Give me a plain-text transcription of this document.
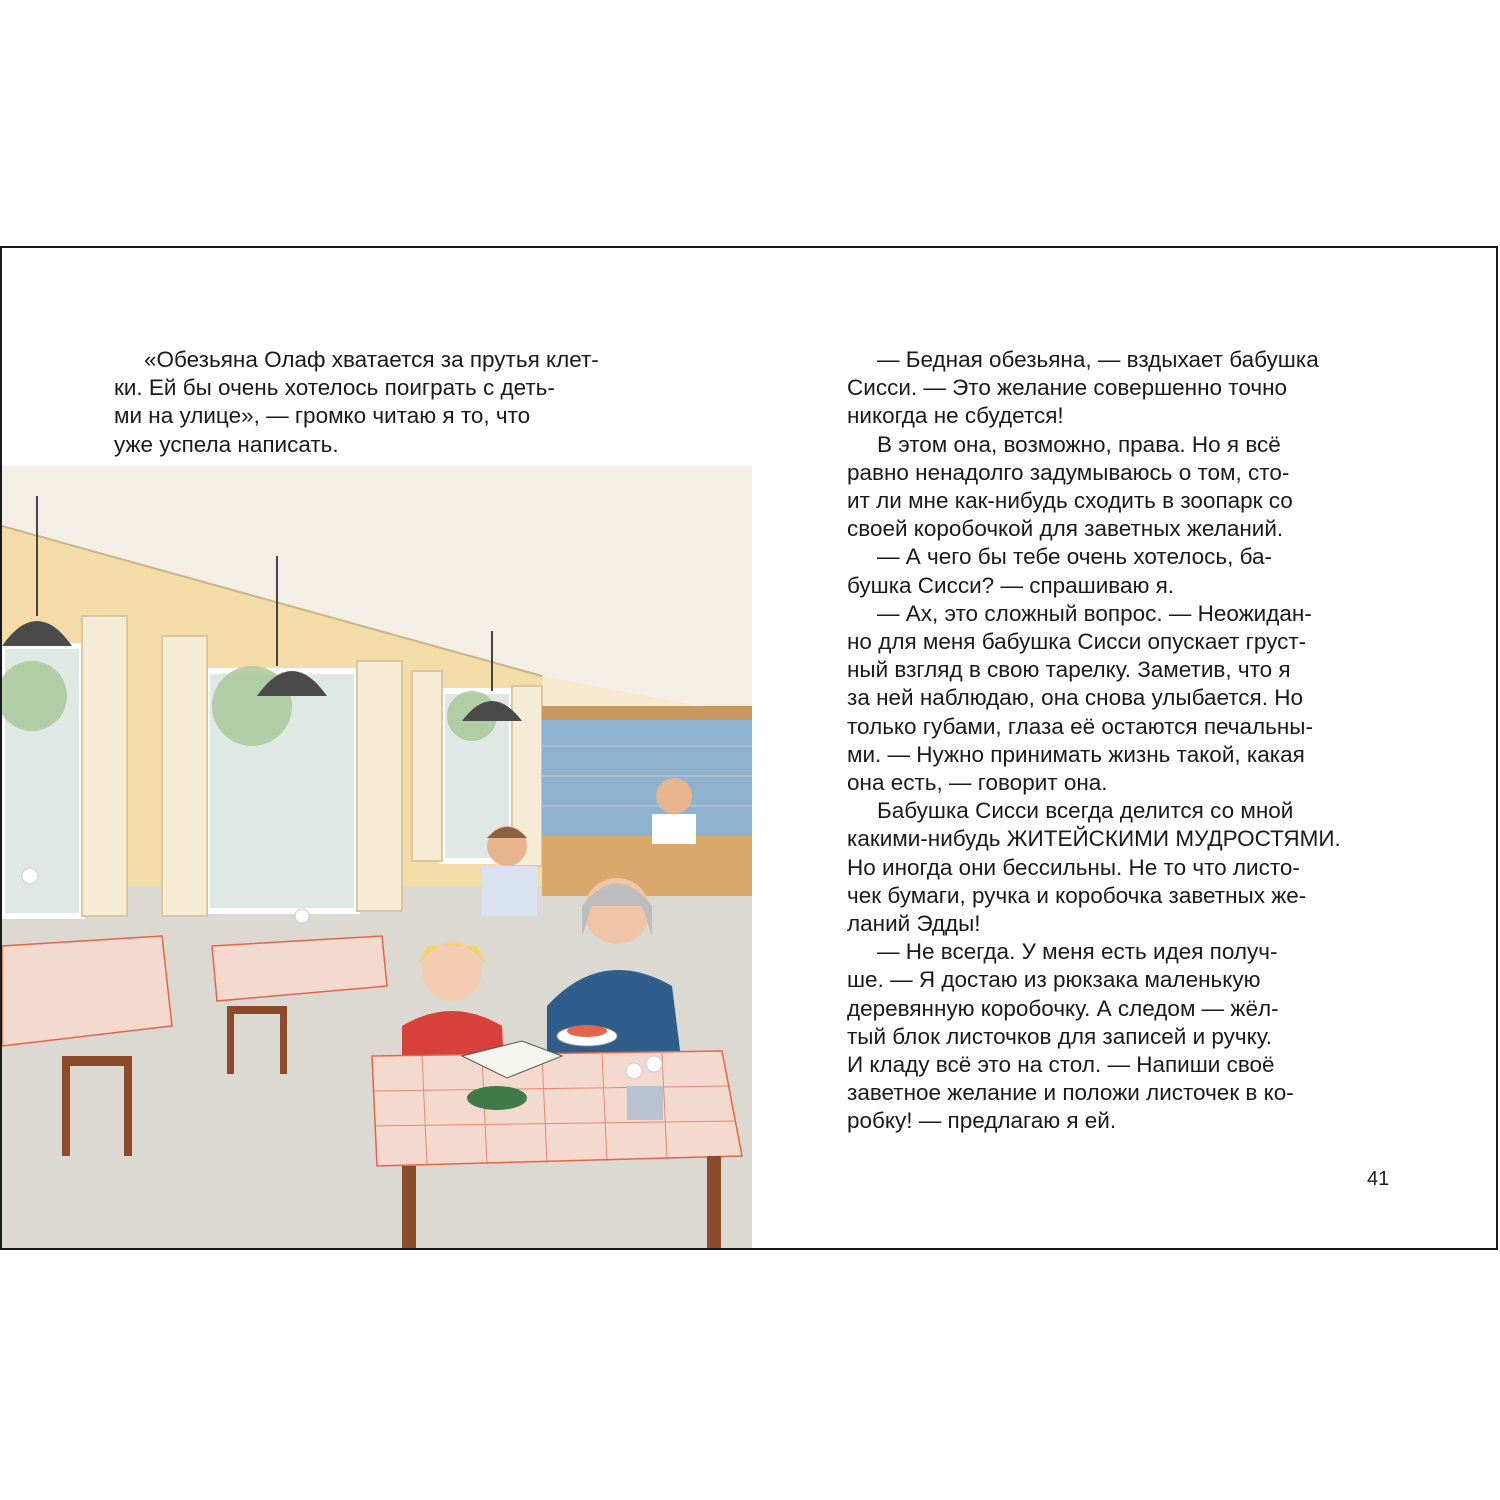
«Обезьяна Олаф хватается за прутья клет-
ки. Ей бы очень хотелось поиграть с деть-
ми на улице», — громко читаю я то, что
уже успела написать.

— Бедная обезьяна, — вздыхает бабушка
Сисси. — Это желание совершенно точно
никогда не сбудется!

В этом она, возможно, права. Но я всё
равно ненадолго задумываюсь о том, сто-
ит ли мне как-нибудь сходить в зоопарк со
своей коробочкой для заветных желаний.

— А чего бы тебе очень хотелось, ба-
бушка Сисси? — спрашиваю я.

— Ах, это сложный вопрос. — Неожидан-
но для меня бабушка Сисси опускает груст-
ный взгляд в свою тарелку. Заметив, что я
за ней наблюдаю, она снова улыбается. Но
только губами, глаза её остаются печальны-
ми. — Нужно принимать жизнь такой, какая
она есть, — говорит она.

Бабушка Сисси всегда делится со мной
какими-нибудь ЖИТЕЙСКИМИ МУДРОСТЯМИ.
Но иногда они бессильны. Не то что листо-
чек бумаги, ручка и коробочка заветных же-
ланий Эдды!

— Не всегда. У меня есть идея получ-
ше. — Я достаю из рюкзака маленькую
деревянную коробочку. А следом — жёл-
тый блок листочков для записей и ручку.
И кладу всё это на стол. — Напиши своё
заветное желание и положи листочек в ко-
робку! — предлагаю я ей.

41
